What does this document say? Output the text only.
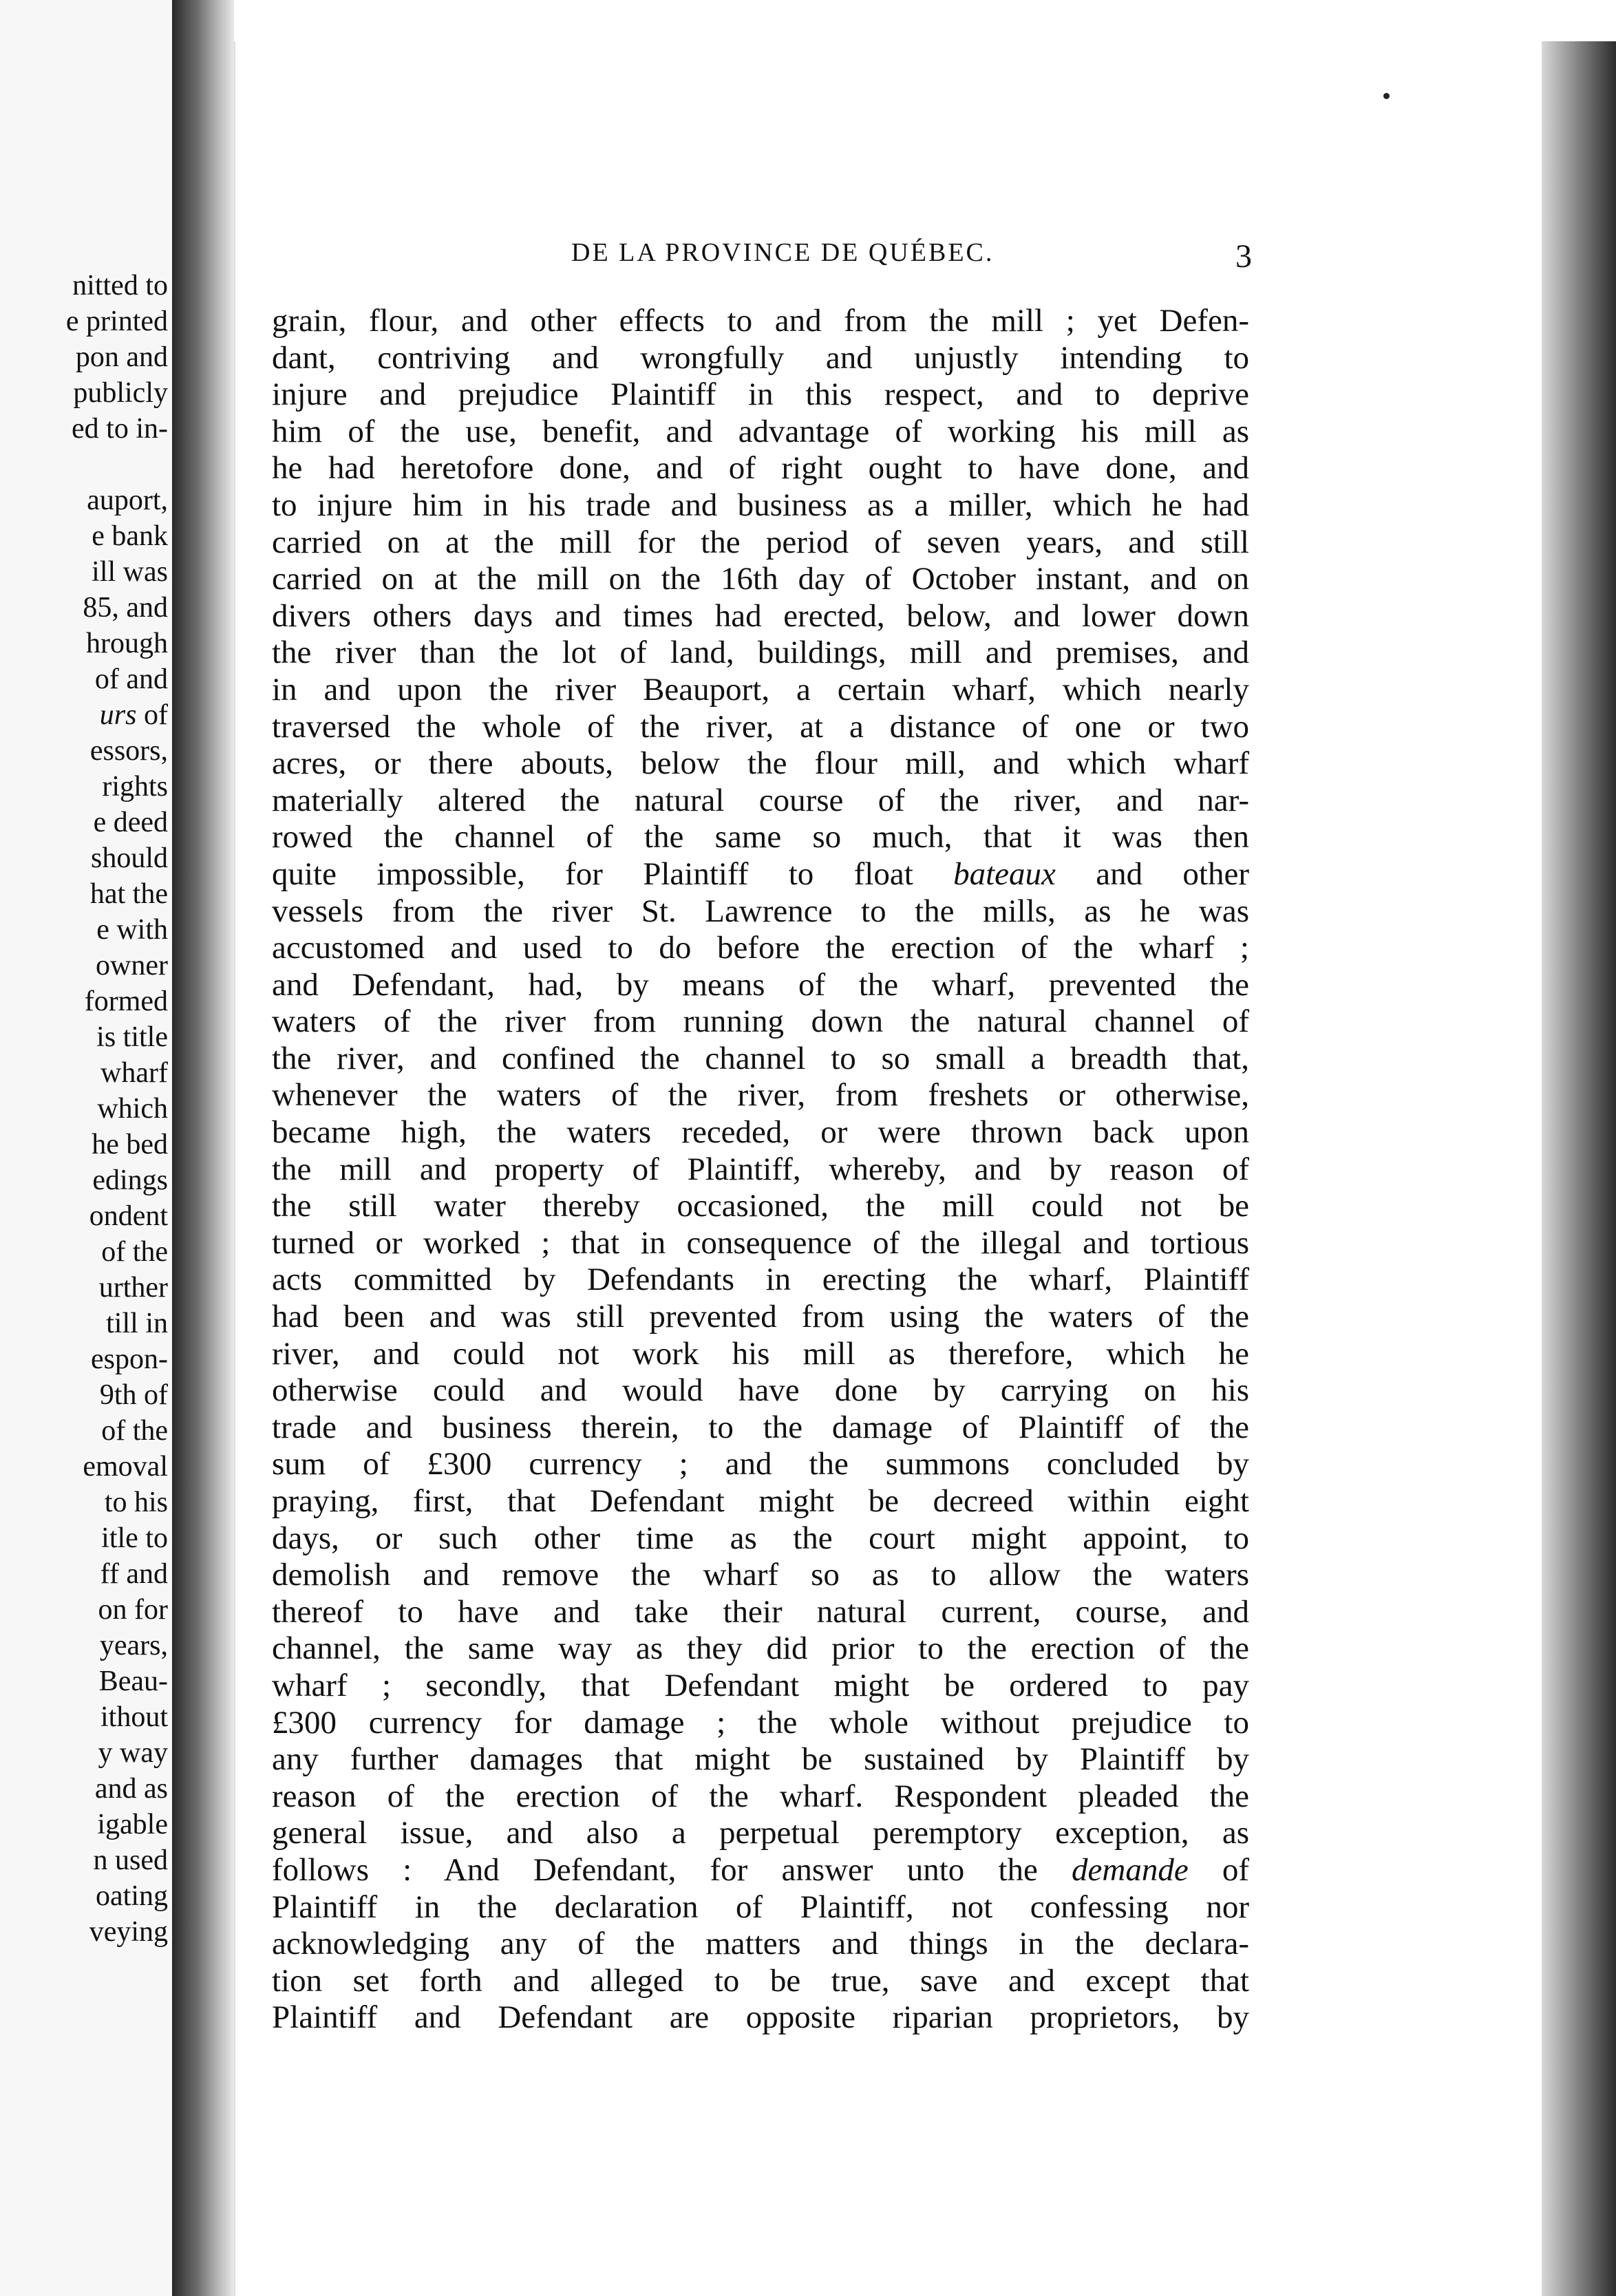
nitted to
e printed
pon and
publicly
ed to in-
auport,
e bank
ill was
85, and
hrough
of and
urs of
essors,
rights
e deed
should
hat the
e with
owner
formed
is title
wharf
which
he bed
edings
ondent
of the
urther
till in
espon-
9th of
of the
emoval
to his
itle to
ff and
on for
years,
Beau-
ithout
y way
and as
igable
n used
oating
veying
DE LA PROVINCE DE QUÉBEC.	3
grain, flour, and other effects to and from the mill ; yet Defen-
dant, contriving and wrongfully and unjustly intending to
injure and prejudice Plaintiff in this respect, and to deprive
him of the use, benefit, and advantage of working his mill as
he had heretofore done, and of right ought to have done, and
to injure him in his trade and business as a miller, which he had
carried on at the mill for the period of seven years, and still
carried on at the mill on the 16th day of October instant, and on
divers others days and times had erected, below, and lower down
the river than the lot of land, buildings, mill and premises, and
in and upon the river Beauport, a certain wharf, which nearly
traversed the whole of the river, at a distance of one or two
acres, or there abouts, below the flour mill, and which wharf
materially altered the natural course of the river, and nar-
rowed the channel of the same so much, that it was then
quite impossible, for Plaintiff to float bateaux and other
vessels from the river St. Lawrence to the mills, as he was
accustomed and used to do before the erection of the wharf ;
and Defendant, had, by means of the wharf, prevented the
waters of the river from running down the natural channel of
the river, and confined the channel to so small a breadth that,
whenever the waters of the river, from freshets or otherwise,
became high, the waters receded, or were thrown back upon
the mill and property of Plaintiff, whereby, and by reason of
the still water thereby occasioned, the mill could not be
turned or worked ; that in consequence of the illegal and tortious
acts committed by Defendants in erecting the wharf, Plaintiff
had been and was still prevented from using the waters of the
river, and could not work his mill as therefore, which he
otherwise could and would have done by carrying on his
trade and business therein, to the damage of Plaintiff of the
sum of £300 currency ; and the summons concluded by
praying, first, that Defendant might be decreed within eight
days, or such other time as the court might appoint, to
demolish and remove the wharf so as to allow the waters
thereof to have and take their natural current, course, and
channel, the same way as they did prior to the erection of the
wharf ; secondly, that Defendant might be ordered to pay
£300 currency for damage ; the whole without prejudice to
any further damages that might be sustained by Plaintiff by
reason of the erection of the wharf. Respondent pleaded the
general issue, and also a perpetual peremptory exception, as
follows : And Defendant, for answer unto the demande of
Plaintiff in the declaration of Plaintiff, not confessing nor
acknowledging any of the matters and things in the declara-
tion set forth and alleged to be true, save and except that
Plaintiff and Defendant are opposite riparian proprietors, by
